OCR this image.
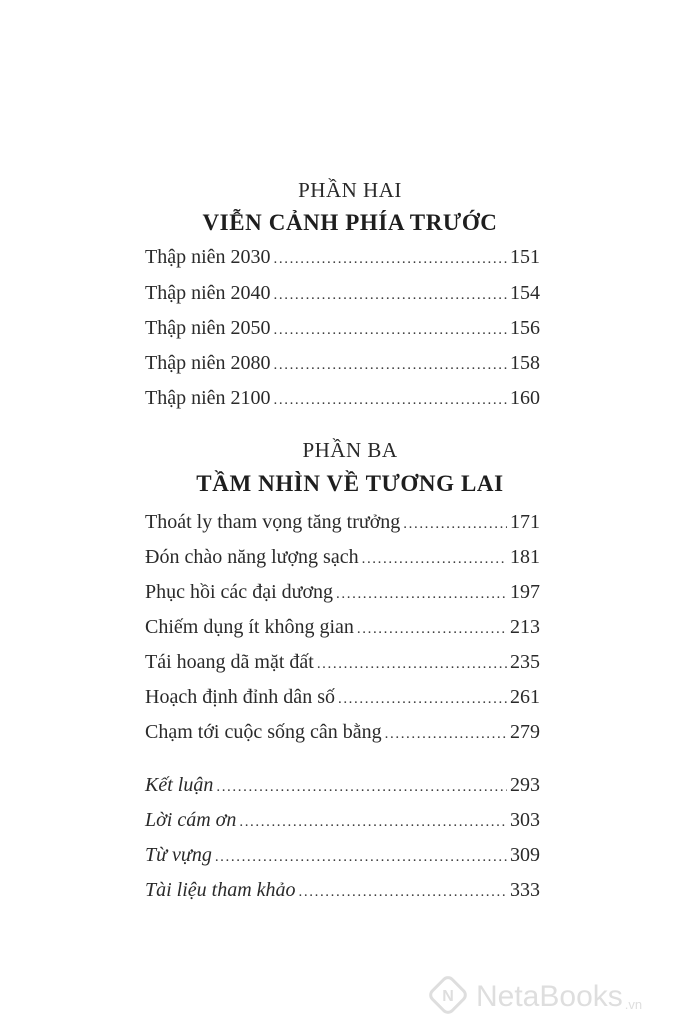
PHẦN HAI
VIỄN CẢNH PHÍA TRƯỚC
Thập niên 2030 .....	151
Thập niên 2040 .....	154
Thập niên 2050 .....	156
Thập niên 2080 .....	158
Thập niên 2100 .....	160
PHẦN BA
TẦM NHÌN VỀ TƯƠNG LAI
Thoát ly tham vọng tăng trưởng .....	171
Đón chào năng lượng sạch .....	181
Phục hồi các đại dương .....	197
Chiếm dụng ít không gian .....	213
Tái hoang dã mặt đất .....	235
Hoạch định đỉnh dân số .....	261
Chạm tới cuộc sống cân bằng .....	279
Kết luận .....	293
Lời cám ơn .....	303
Từ vựng .....	309
Tài liệu tham khảo .....	333
N NetaBooks .vn
